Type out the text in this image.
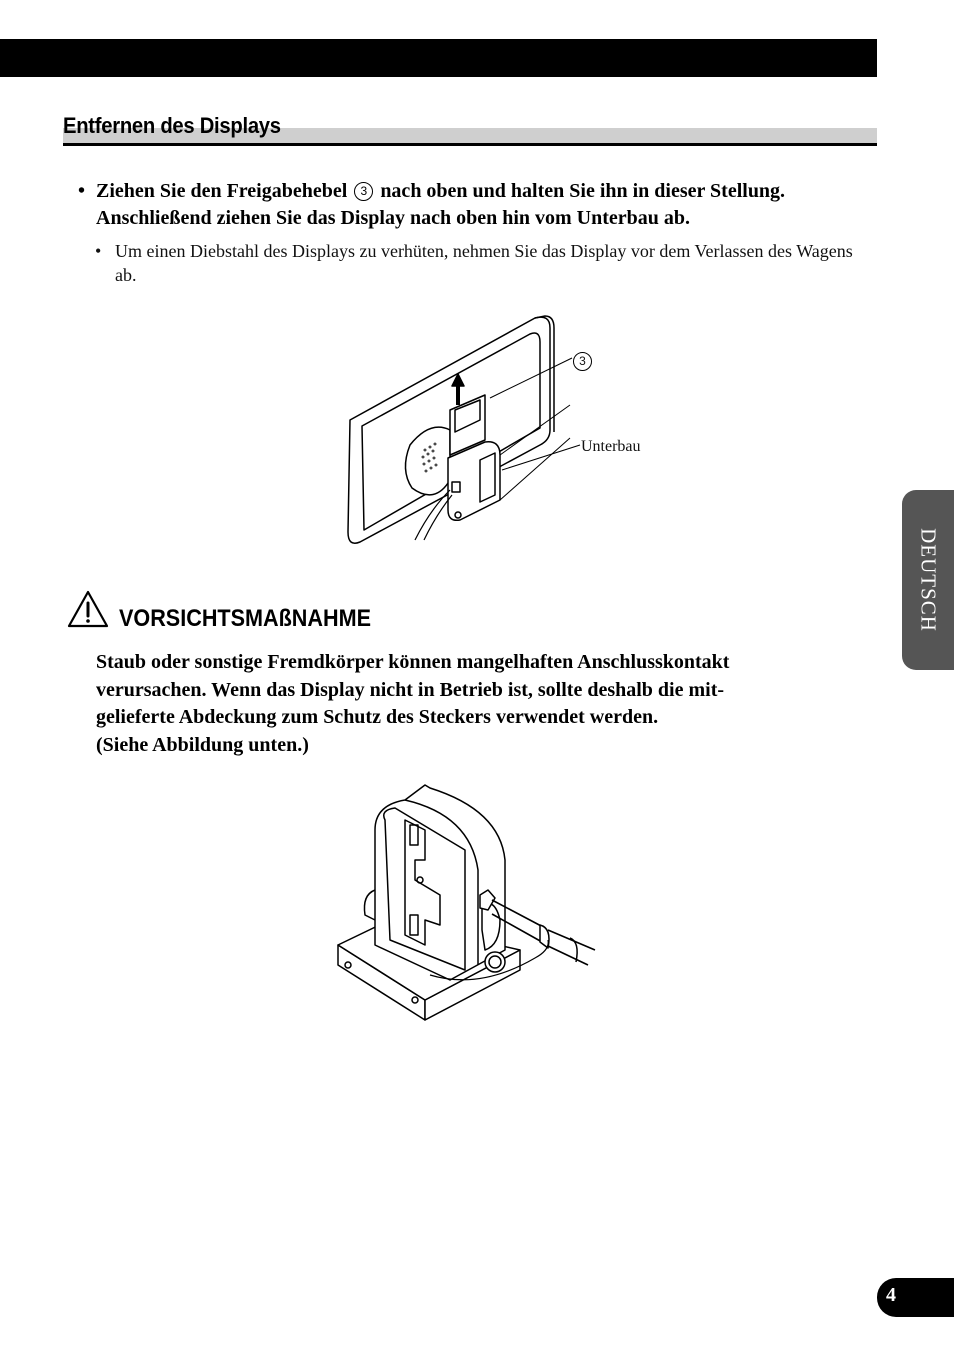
Entfernen des Displays
• Ziehen Sie den Freigabehebel 3 nach oben und halten Sie ihn in dieser Stellung. Anschließend ziehen Sie das Display nach oben hin vom Unterbau ab.
• Um einen Diebstahl des Displays zu verhüten, nehmen Sie das Display vor dem Verlassen des Wagens ab.
3
Unterbau
VORSICHTSMAßNAHME

Staub oder sonstige Fremdkörper können mangelhaften Anschlusskontakt

verursachen. Wenn das Display nicht in Betrieb ist, sollte deshalb die mit-

gelieferte Abdeckung zum Schutz des Steckers verwendet werden.

(Siehe Abbildung unten.)

DEUTSCH
4
